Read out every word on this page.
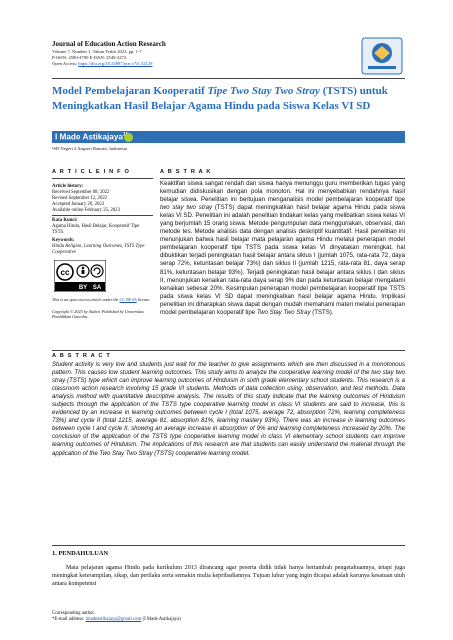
Journal of Education Action Research
Volume 7, Number 1, Tahun Terbit 2023, pp. 1-7
P-ISSN: 2580-4790 E-ISSN: 2549-3272
Open Access: https://doi.org/10.23887/jear.v7i1.52129
Model Pembelajaran Kooperatif Tipe Two Stay Two Stray (TSTS) untuk Meningkatkan Hasil Belajar Agama Hindu pada Siswa Kelas VI SD
I Made Astikajaya
¹SD Negeri 2 Angseri Baturiti, Indonesia
A R T I C L E I N F O
Article history:
Received September 08, 2022
Revised September 12, 2022
Accepted January 20, 2023
Available online February 25, 2023
Kata Kunci:
Agama Hindu, Hasil Belajar, Kooperatif Tipe TSTS.
Keywords:
Hindu Religion, Learning Outcomes, TSTS Type Cooperative
cc
BY SA
This is an open access article under the CC BY-SA license.
Copyright © 2023 by Author. Published by Universitas Pendidikan Ganesha.
A B S T R A K
Keaktifan siswa sangat rendah dan siswa hanya menunggu guru memberikan tugas yang kemudian didiskusikan dengan pola monoton. Hal ini menyebabkan rendahnya hasil belajar siswa. Penelitian ini bertujuan menganalisis model pembelajaran kooperatif tipe two stay two stray (TSTS) dapat meningkatkan hasil belajar agama Hindu pada siswa kelas VI SD. Penelitian ini adalah penelitian tindakan kelas yang melibatkan siswa kelas VI yang berjumlah 15 orang siswa. Metode pengumpulan data menggunakan, observasi, dan metode tes. Metode analisis data dengan analisis deskriptif kuantitatif. Hasil penelitian ini menunjukan bahwa hasil belajar mata pelajaran agama Hindu melalui penerapan model pembelajaran kooperatif tipe TSTS pada siswa kelas VI dinyatakan meningkat, hal dibuktikan terjadi peningkatan hasil belajar antara siklus I (jumlah 1075, rata-rata 72, daya serap 72%, ketuntasan belajar 73%) dan siklus II (jumlah 1215, rata-rata 81, daya serap 81%, ketuntasan belajar 93%). Terjadi peningkatan hasil belajar antara siklus I dan siklus II, menunjukan kenaikan rata-rata daya serap 9% dan pada ketuntasan belajar mengalami kenaikan sebesar 20%. Kesimpulan penerapan model pembelajaran kooperatif tipe TSTS pada siswa kelas VI SD dapat meningkatkan hasil belajar agama Hindu. Implikasi penelitian ini diharapkan siswa dapat dengan mudah memahami materi melalui penerapan model pembelajaran kooperatif tipe Two Stay Two Stray (TSTS).
A B S T R A C T
Student activity is very low and students just wait for the teacher to give assignments which are then discussed in a monotonous pattern. This causes low student learning outcomes. This study aims to analyze the cooperative learning model of the two stay two stray (TSTS) type which can improve learning outcomes of Hinduism in sixth grade elementary school students. This research is a classroom action research involving 15 grade VI students. Methods of data collection using, observation, and test methods. Data analysis method with quantitative descriptive analysis. The results of this study indicate that the learning outcomes of Hinduism subjects through the application of the TSTS type cooperative learning model in class VI students are said to increase, this is evidenced by an increase in learning outcomes between cycle I (total 1075, average 72, absorption 72%, learning completeness 73%) and cycle II (total 1215, average 81, absorption 81%, learning mastery 93%). There was an increase in learning outcomes between cycle I and cycle II, showing an average increase in absorption of 9% and learning completeness increased by 20%. The conclusion of the application of the TSTS type cooperative learning model in class VI elementary school students can improve learning outcomes of Hinduism. The implications of this research are that students can easily understand the material through the application of the Two Stay Two Stray (TSTS) cooperative learning model.
1. PENDAHULUAN
Mata pelajaran agama Hindu pada kurikulum 2013 dirancang agar peserta didik tidak hanya bertambah pengetahuannya, tetapi juga meningkat keterampilan, sikap, dan perilaku serta semakin mulia kepribadiannya. Tujuan luhur yang ingin dicapai adalah karunya kesatuan utuh antara kompetensi
Corresponding author.
*E-mail address: imadeastikajaya@gmail.com (I Made Astikajaya)
